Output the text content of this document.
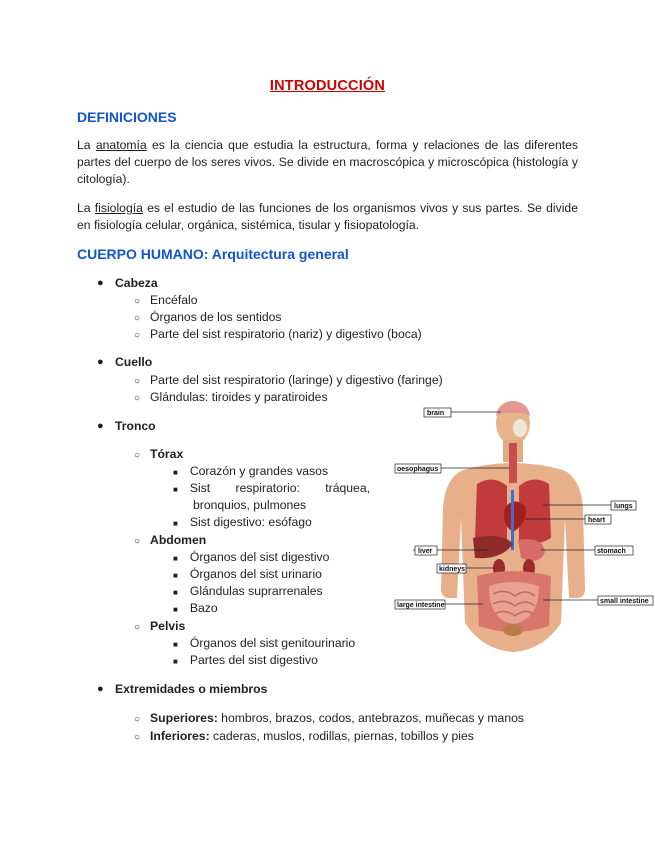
INTRODUCCIÓN
DEFINICIONES
La anatomía es la ciencia que estudia la estructura, forma y relaciones de las diferentes partes del cuerpo de los seres vivos. Se divide en macroscópica y microscópica (histología y citología).
La fisiología es el estudio de las funciones de los organismos vivos y sus partes. Se divide en fisiología celular, orgánica, sistémica, tisular y fisiopatología.
CUERPO HUMANO: Arquitectura general
● Cabeza
○ Encéfalo
○ Órganos de los sentidos
○ Parte del sist respiratorio (nariz) y digestivo (boca)
● Cuello
○ Parte del sist respiratorio (laringe) y digestivo (faringe)
○ Glándulas: tiroides y paratiroides
● Tronco
○ Tórax
■ Corazón y grandes vasos
■ Sist respiratorio: tráquea,
bronquios, pulmones
■ Sist digestivo: esófago
○ Abdomen
■ Órganos del sist digestivo
■ Órganos del sist urinario
■ Glándulas suprarrenales
■ Bazo
○ Pelvis
■ Órganos del sist genitourinario
■ Partes del sist digestivo
● Extremidades o miembros
○ Superiores: hombros, brazos, codos, antebrazos, muñecas y manos
○ Inferiores: caderas, muslos, rodillas, piernas, tobillos y pies
brain
oesophagus
lungs
heart
liver	stomach
kidneys
large intestine
small intestine
